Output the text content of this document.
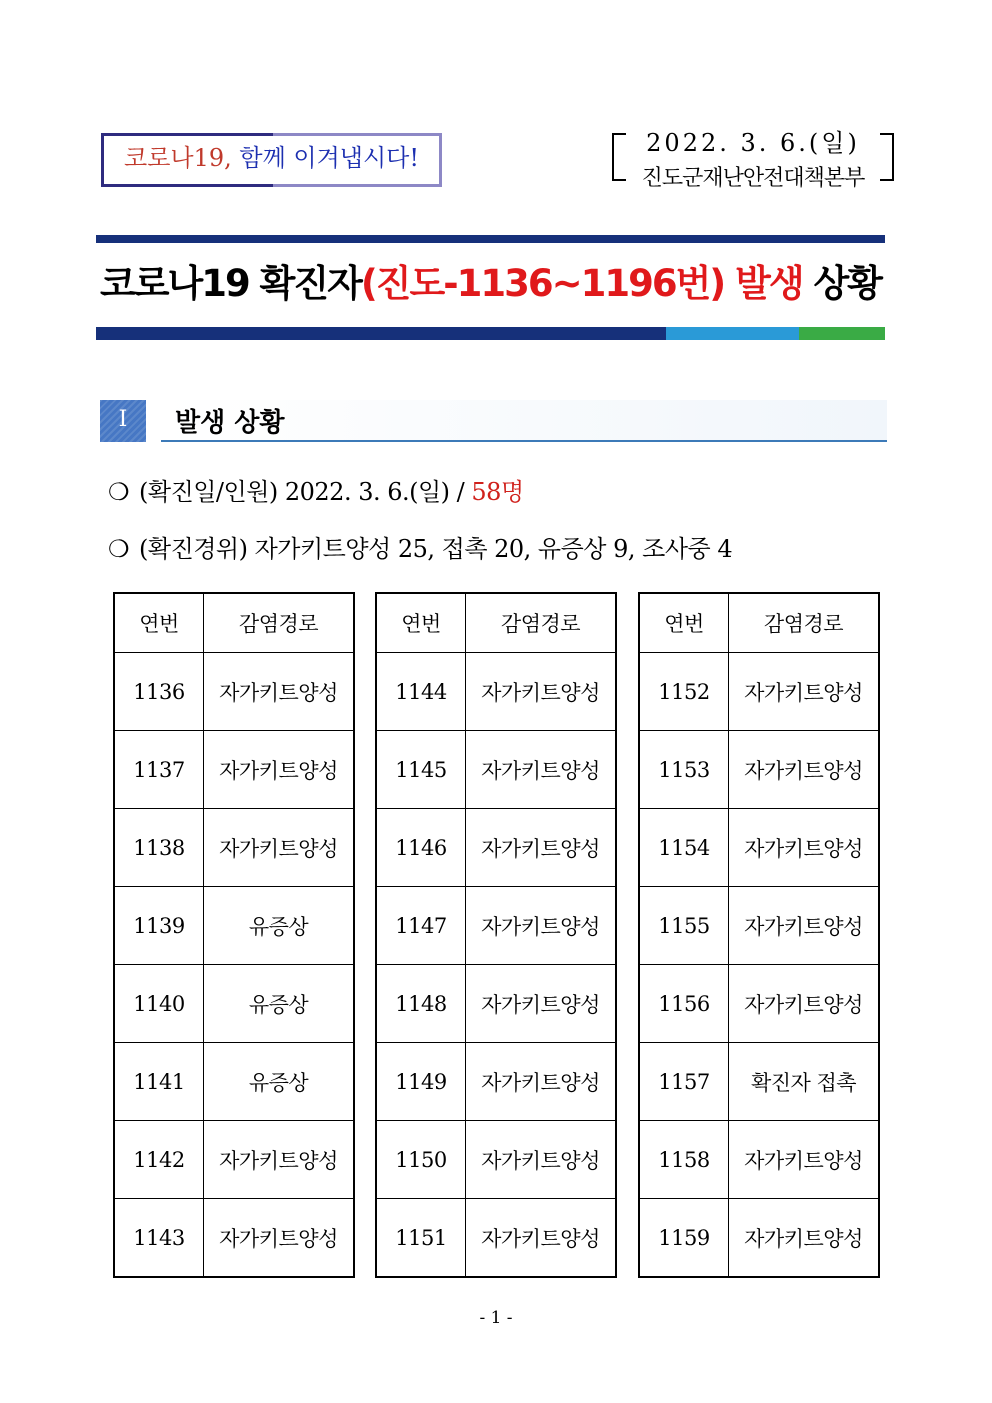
코로나19, 함께 이겨냅시다!
2022. 3. 6.(일)
진도군재난안전대책본부
코로나19 확진자(진도-1136~1196번) 발생 상황
Ⅰ	발생 상황
❍ (확진일/인원) 2022. 3. 6.(일) / 58명
❍ (확진경위) 자가키트양성 25, 접촉 20, 유증상 9, 조사중 4
연번	감염경로
1136	자가키트양성
1137	자가키트양성
1138	자가키트양성
1139	유증상
1140	유증상
1141	유증상
1142	자가키트양성
1143	자가키트양성
연번	감염경로
1144	자가키트양성
1145	자가키트양성
1146	자가키트양성
1147	자가키트양성
1148	자가키트양성
1149	자가키트양성
1150	자가키트양성
1151	자가키트양성
연번	감염경로
1152	자가키트양성
1153	자가키트양성
1154	자가키트양성
1155	자가키트양성
1156	자가키트양성
1157	확진자 접촉
1158	자가키트양성
1159	자가키트양성
- 1 -
